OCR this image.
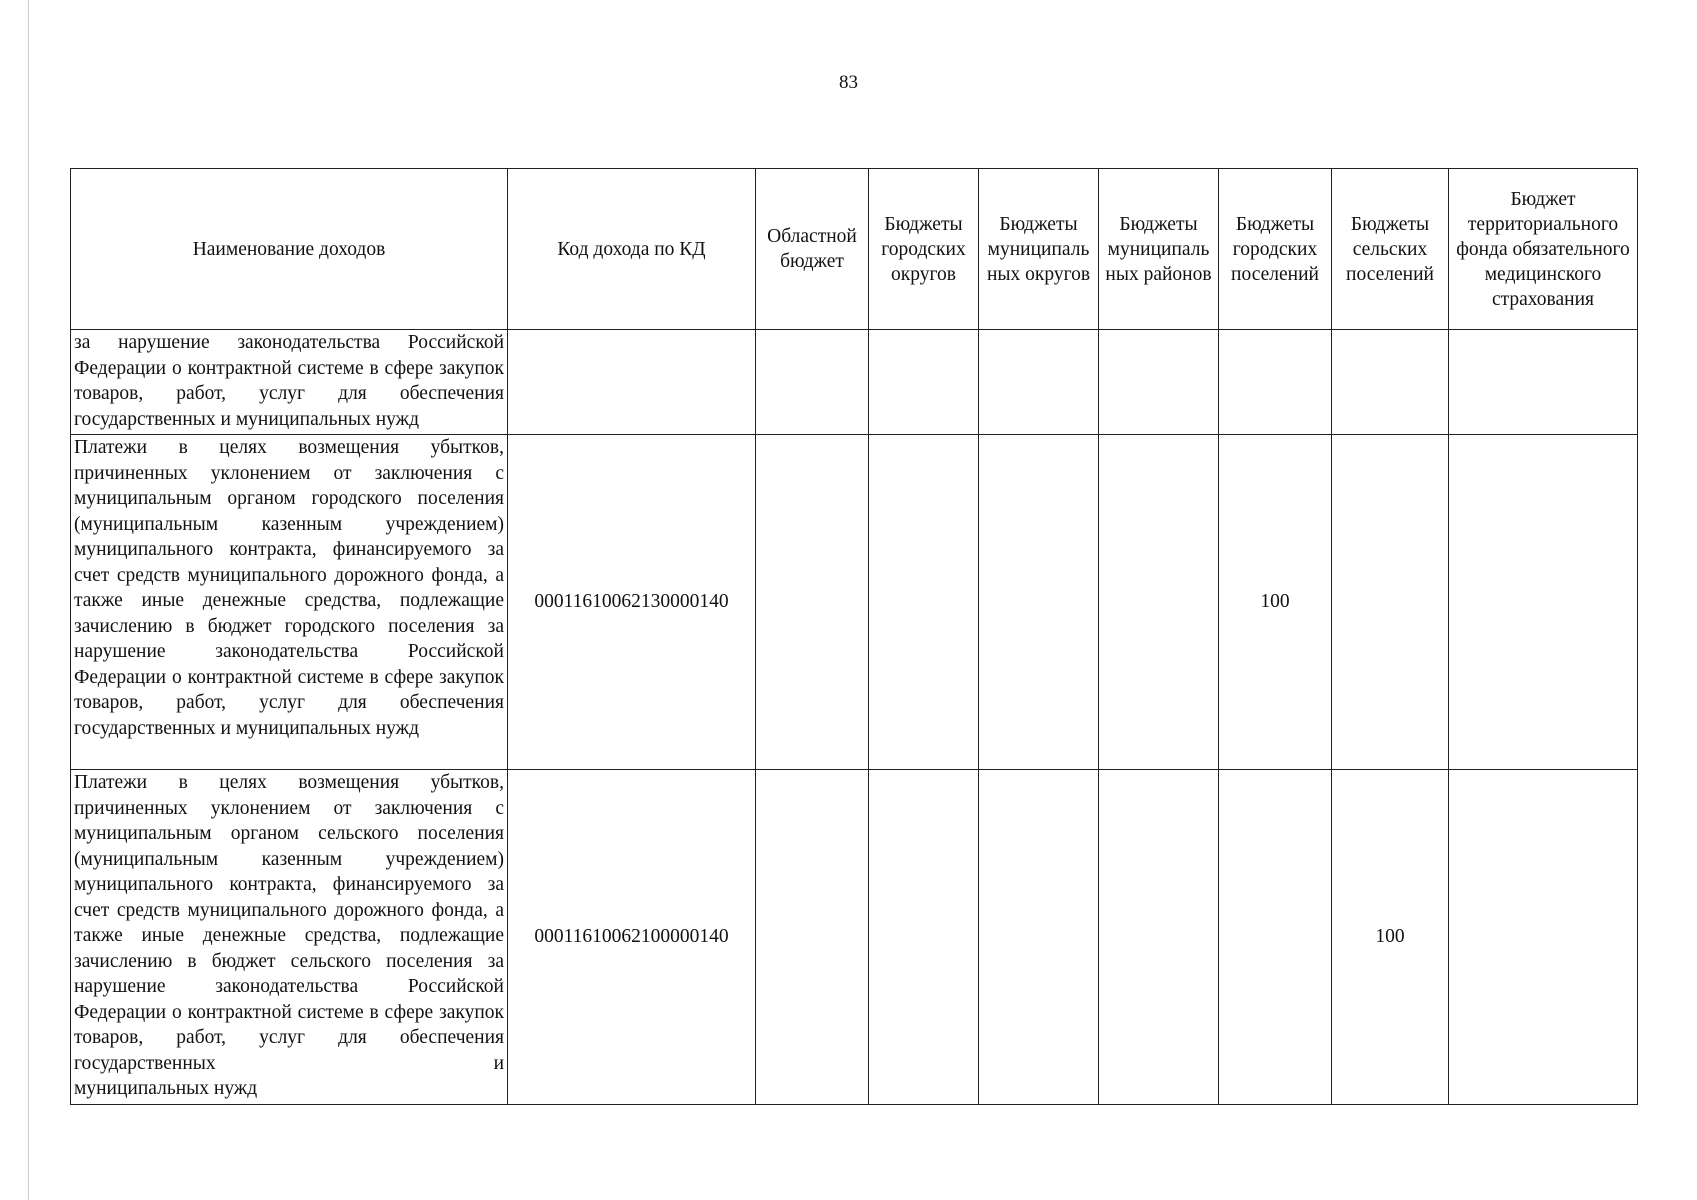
83
Наименование доходов	Код дохода по КД	Областной бюджет	Бюджеты городских округов	Бюджеты муниципаль ных округов	Бюджеты муниципаль ных районов	Бюджеты городских поселений	Бюджеты сельских поселений	Бюджет территориального фонда обязательного медицинского страхования
за нарушение законодательства Российской Федерации о контрактной системе в сфере закупок товаров, работ, услуг для обеспечения
государственных и муниципальных нужд								

Платежи в целях возмещения убытков, причиненных уклонением от заключения с муниципальным органом городского поселения (муниципальным казенным учреждением) муниципального контракта, финансируемого за счет средств муниципального дорожного фонда, а также иные денежные средства, подлежащие зачислению в бюджет городского поселения за нарушение законодательства Российской Федерации о контрактной системе в сфере закупок товаров, работ, услуг для обеспечения
государственных и муниципальных нужд	00011610062130000140					100		
Платежи в целях возмещения убытков, причиненных уклонением от заключения с муниципальным органом сельского поселения (муниципальным казенным учреждением) муниципального контракта, финансируемого за счет средств муниципального дорожного фонда, а также иные денежные средства, подлежащие зачислению в бюджет сельского поселения за нарушение законодательства Российской Федерации о контрактной системе в сфере закупок товаров, работ, услуг для обеспечения государственных и
муниципальных нужд	00011610062100000140						100	
